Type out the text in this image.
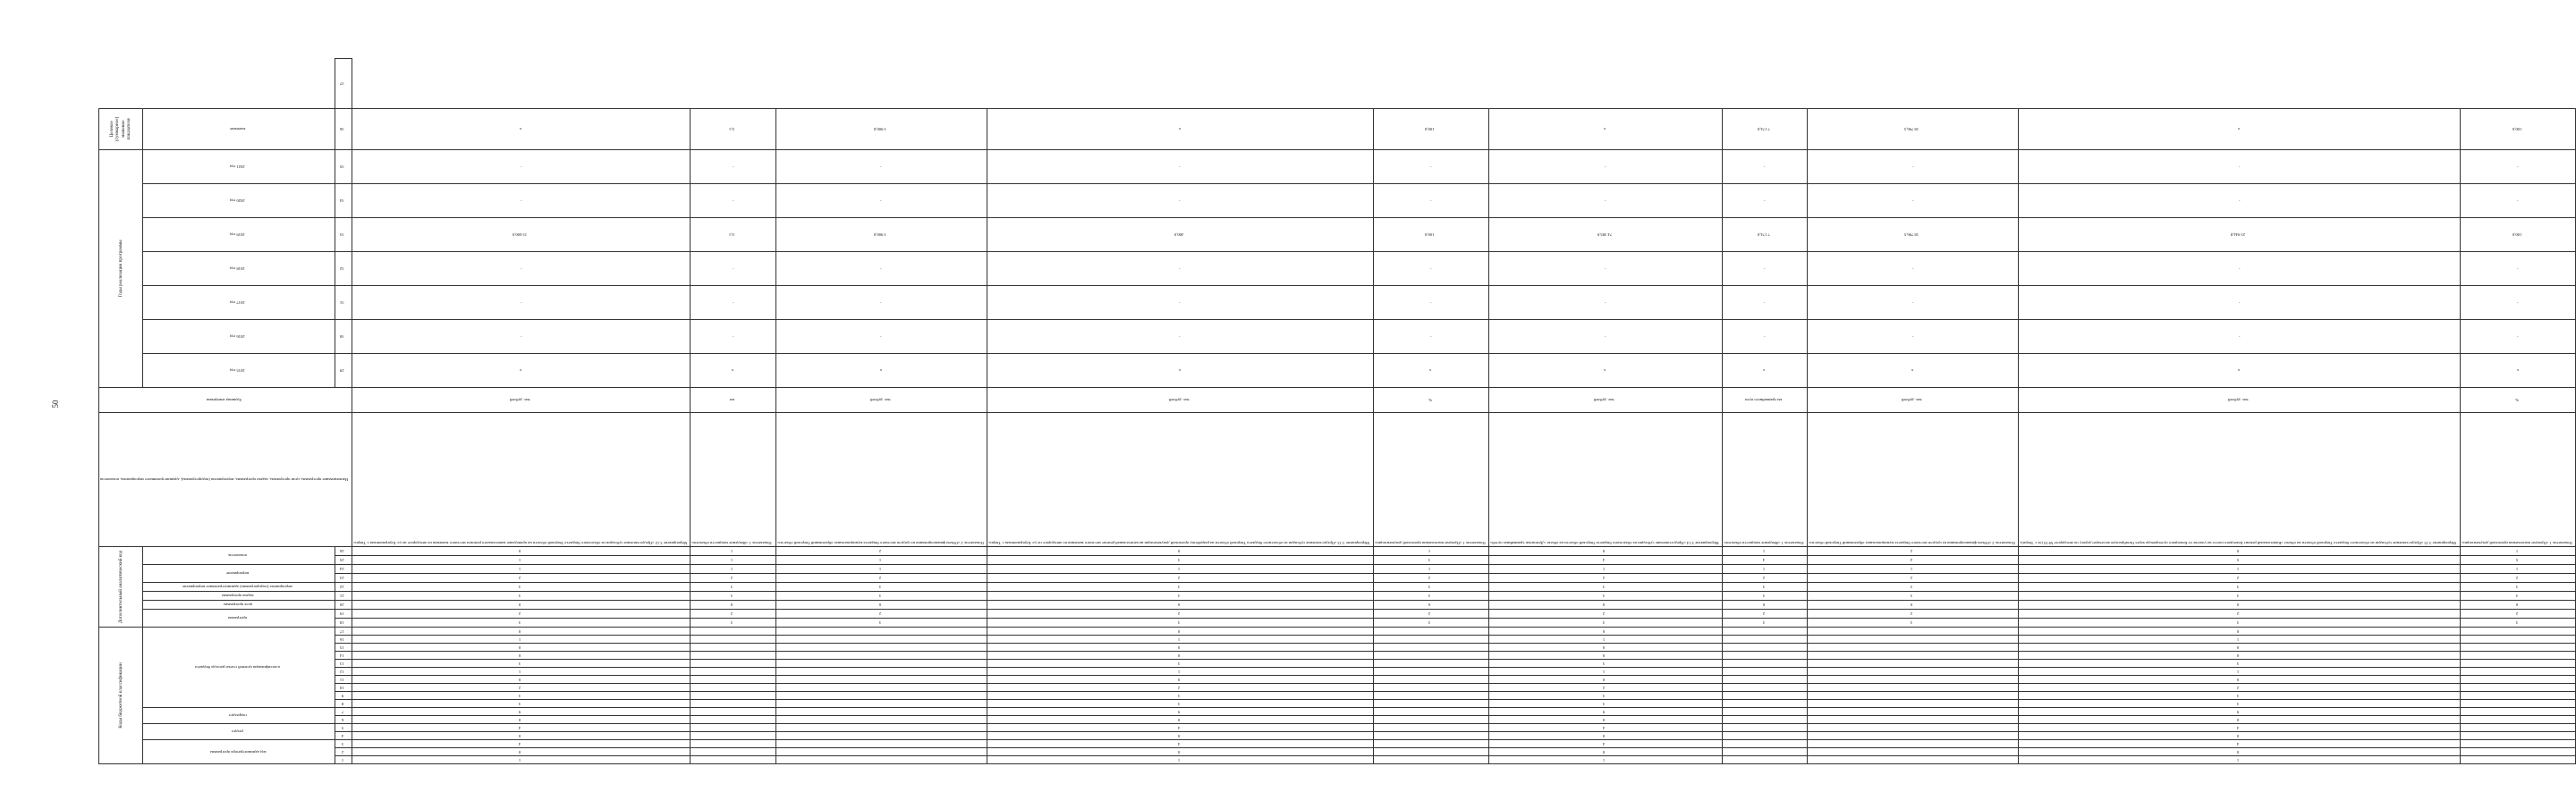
50
Коды бюджетной классификации																	Дополнительный аналитический код									Наименование программы, цели программы, задачи программы, мероприятия (подпрограммы), административного мероприятия, показателя	Единица измерения	Годы реализации программы							Целевое (суммарное) значение показателя	
код администратора программы			раздел		подраздел		классификация целевой статьи расхода бюджета										программа		цель программы	задача программы	мероприятие (подпрограммы) административное мероприятие	мероприятие		показатель				2015 год	2016 год	2017 год	2018 год	2019 год	2020 год	2021 год	значение	
1	2	3	4	5	6	7	8	9	10	11	12	13	14	15	16	17	18	19	20	21	22	23	24	25	26			29	30	31	32	33	34	35	36	37
1	0	4	0	4	0	9	3	3	2	0	1	3	0	0	1	0	3	2	0	3	3	2	1	1	0	Мероприятие 3.12 «Предоставление субсидии из областного бюджета Тверской области на проведение капитального ремонта местного значения по автодороге на ул. Бертрановская г. Твери»	тыс. рублей	х	-	-	-	15 600,0	-	-	х	
																	3	2	0	3	3	2	1	1	1	Показатель 1 «Введение мощности объектов»	км	х	-	-	-	0,1	-	-	0,1	
																	3	2	0	3	3	2	1	1	2	Показатель 2 «Объем финансирования из средств местного бюджета муниципальных образований Тверской области»	тыс. рублей	х	-	-	-	3 900,0	-	-	3 900,0	
1	0	4	0	4	0	9	3	3	2	0	1	3	0	0	1	0	3	2	0	3	3	2	1	3	0	Мероприятие 3.13 «Предоставление субсидии из областного бюджета Тверской области на разработку проектной документации на капитальный ремонт местного значения по автодороге по ул. Бертрановская г. Твери»	тыс. рублей	х	-	-	-	400,0	-	-	х	
																	3	2	0	3	3	2	1	3	1	Показатель 1 «Процент выполнения проектной документации»	%	х	-	-	-	100,0	-	-	100,0	
1	0	4	0	4	0	9	3	3	2	0	1	3	0	0	1	0	3	2	0	3	3	2	1	4	0	Мероприятие 3.14 «Предоставление субсидии из областного бюджета Тверской области на объект «Демонтаж трамвайных путей»	тыс. рублей	х	-	-	-	74 385,9	-	-	х	
																	3	2	0	3	3	2	1	4	1	Показатель 1 «Введение мощности объектов»	км трамвайного пути	х	-	-	-	7 174,0	-	-	7 174,0	
																	3	2	0	3	3	2	1	4	2	Показатель 2 «Объем финансирования из средств местного бюджета муниципальных образований Тверской области»	тыс. рублей	х	-	-	-	18 796,5	-	-	18 796,5	
1	0	4	0	4	0	9	3	3	2	0	1	3	0	0	1	0	3	2	0	3	3	2	1	5	0	Мероприятие 3.15 «Предоставление субсидии из областного бюджета Тверской области на объект «Капитальный ремонт Бежецкого шоссе на участке от Бежецкого путепровода через Октябрьскую железную дорогу по автодороге М-10 (от г. Твери)»	тыс. рублей	х	-	-	-	23 944,8	-	-	х	
																	3	2	0	3	3	2	1	5	1	Показатель 1 «Процент выполнения проектной документации»	%	х	-	-	-	100,0	-	-	100,0	
